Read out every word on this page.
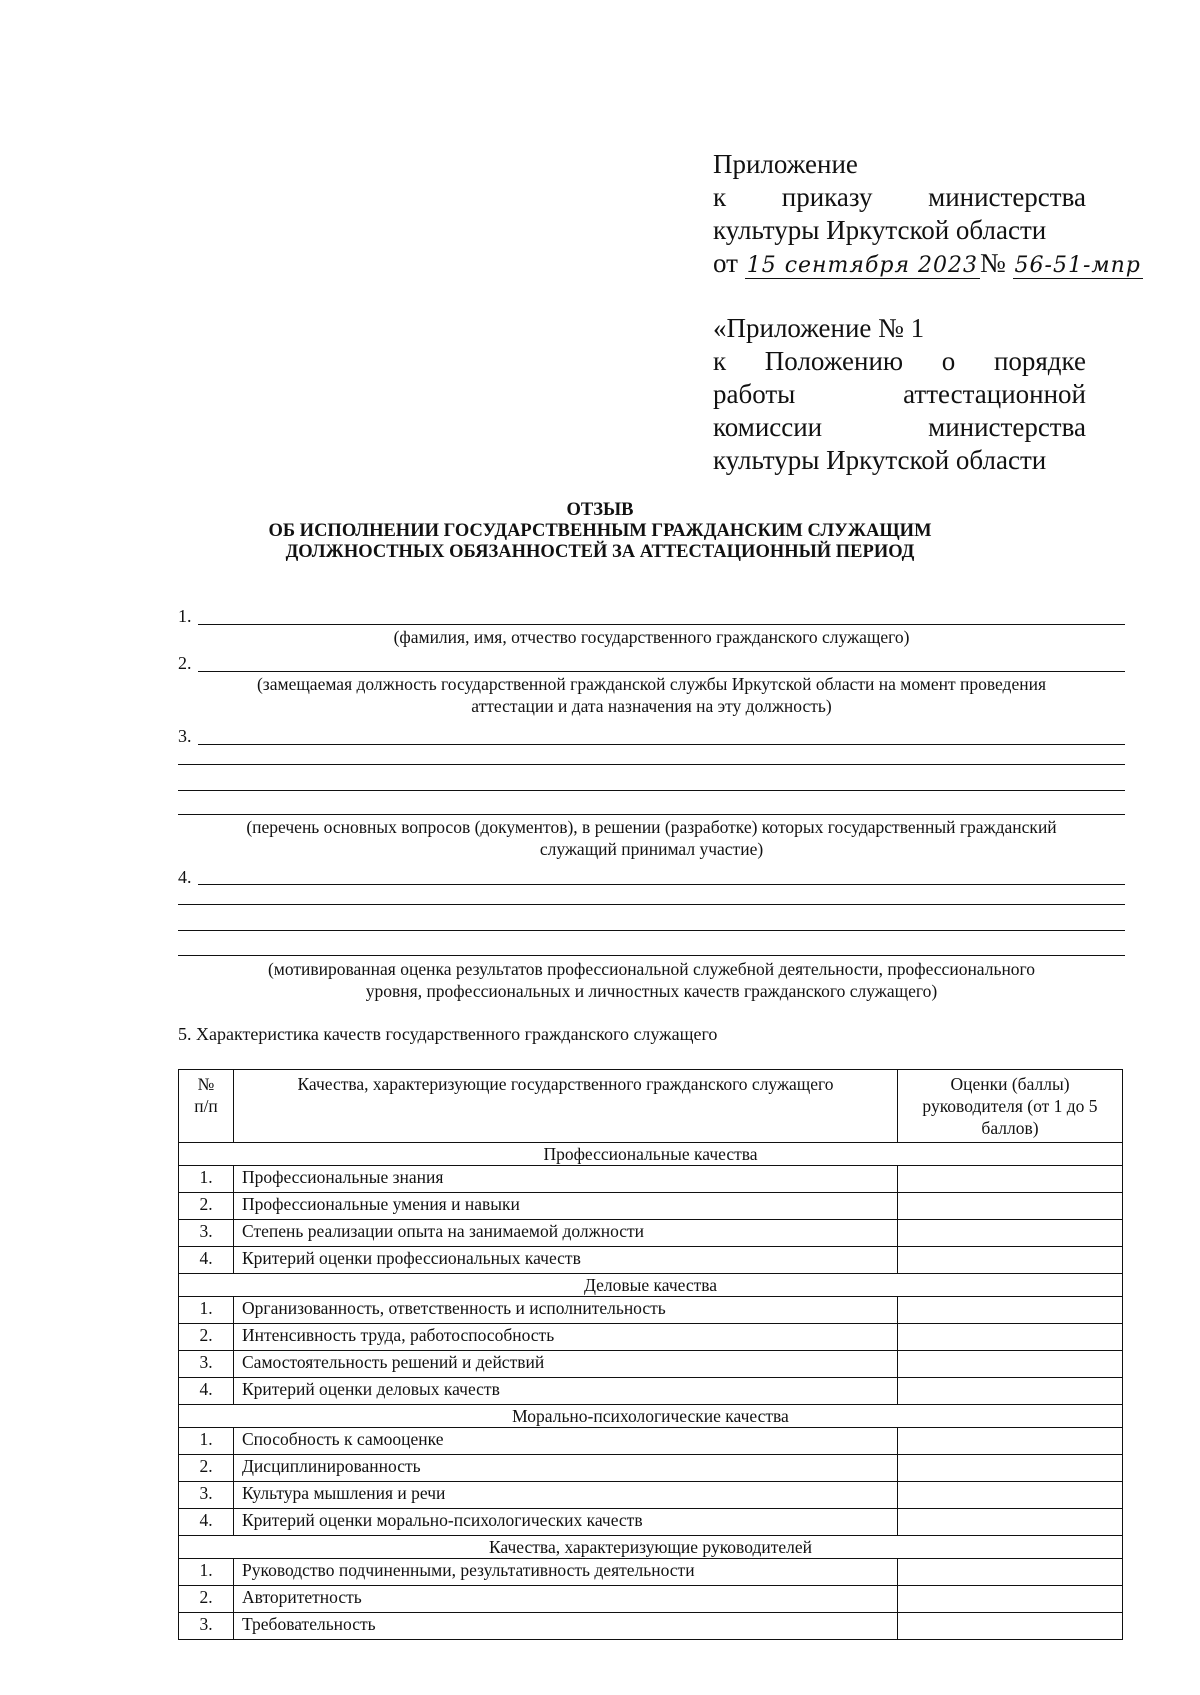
Приложение
к приказу министерства
культуры Иркутской области
от 15 сентября 2023№ 56-51-мпр
«Приложение № 1
к Положению о порядке
работы	аттестационной
комиссии	министерства
культуры Иркутской области
ОТЗЫВ
ОБ ИСПОЛНЕНИИ ГОСУДАРСТВЕННЫМ ГРАЖДАНСКИМ СЛУЖАЩИМ
ДОЛЖНОСТНЫХ ОБЯЗАННОСТЕЙ ЗА АТТЕСТАЦИОННЫЙ ПЕРИОД
1.
(фамилия, имя, отчество государственного гражданского служащего)
2.
(замещаемая должность государственной гражданской службы Иркутской области на момент проведения
аттестации и дата назначения на эту должность)
3.
(перечень основных вопросов (документов), в решении (разработке) которых государственный гражданский
служащий принимал участие)
4.
(мотивированная оценка результатов профессиональной служебной деятельности, профессионального
уровня, профессиональных и личностных качеств гражданского служащего)
5. Характеристика качеств государственного гражданского служащего
№
п/п	Качества, характеризующие государственного гражданского служащего	Оценки (баллы) руководителя (от 1 до 5 баллов)
Профессиональные качества		
1.	Профессиональные знания	
2.	Профессиональные умения и навыки	
3.	Степень реализации опыта на занимаемой должности	
4.	Критерий оценки профессиональных качеств	
Деловые качества		
1.	Организованность, ответственность и исполнительность	
2.	Интенсивность труда, работоспособность	
3.	Самостоятельность решений и действий	
4.	Критерий оценки деловых качеств	
Морально-психологические качества		
1.	Способность к самооценке	
2.	Дисциплинированность	
3.	Культура мышления и речи	
4.	Критерий оценки морально-психологических качеств	
Качества, характеризующие руководителей		
1.	Руководство подчиненными, результативность деятельности	
2.	Авторитетность	
3.	Требовательность	
